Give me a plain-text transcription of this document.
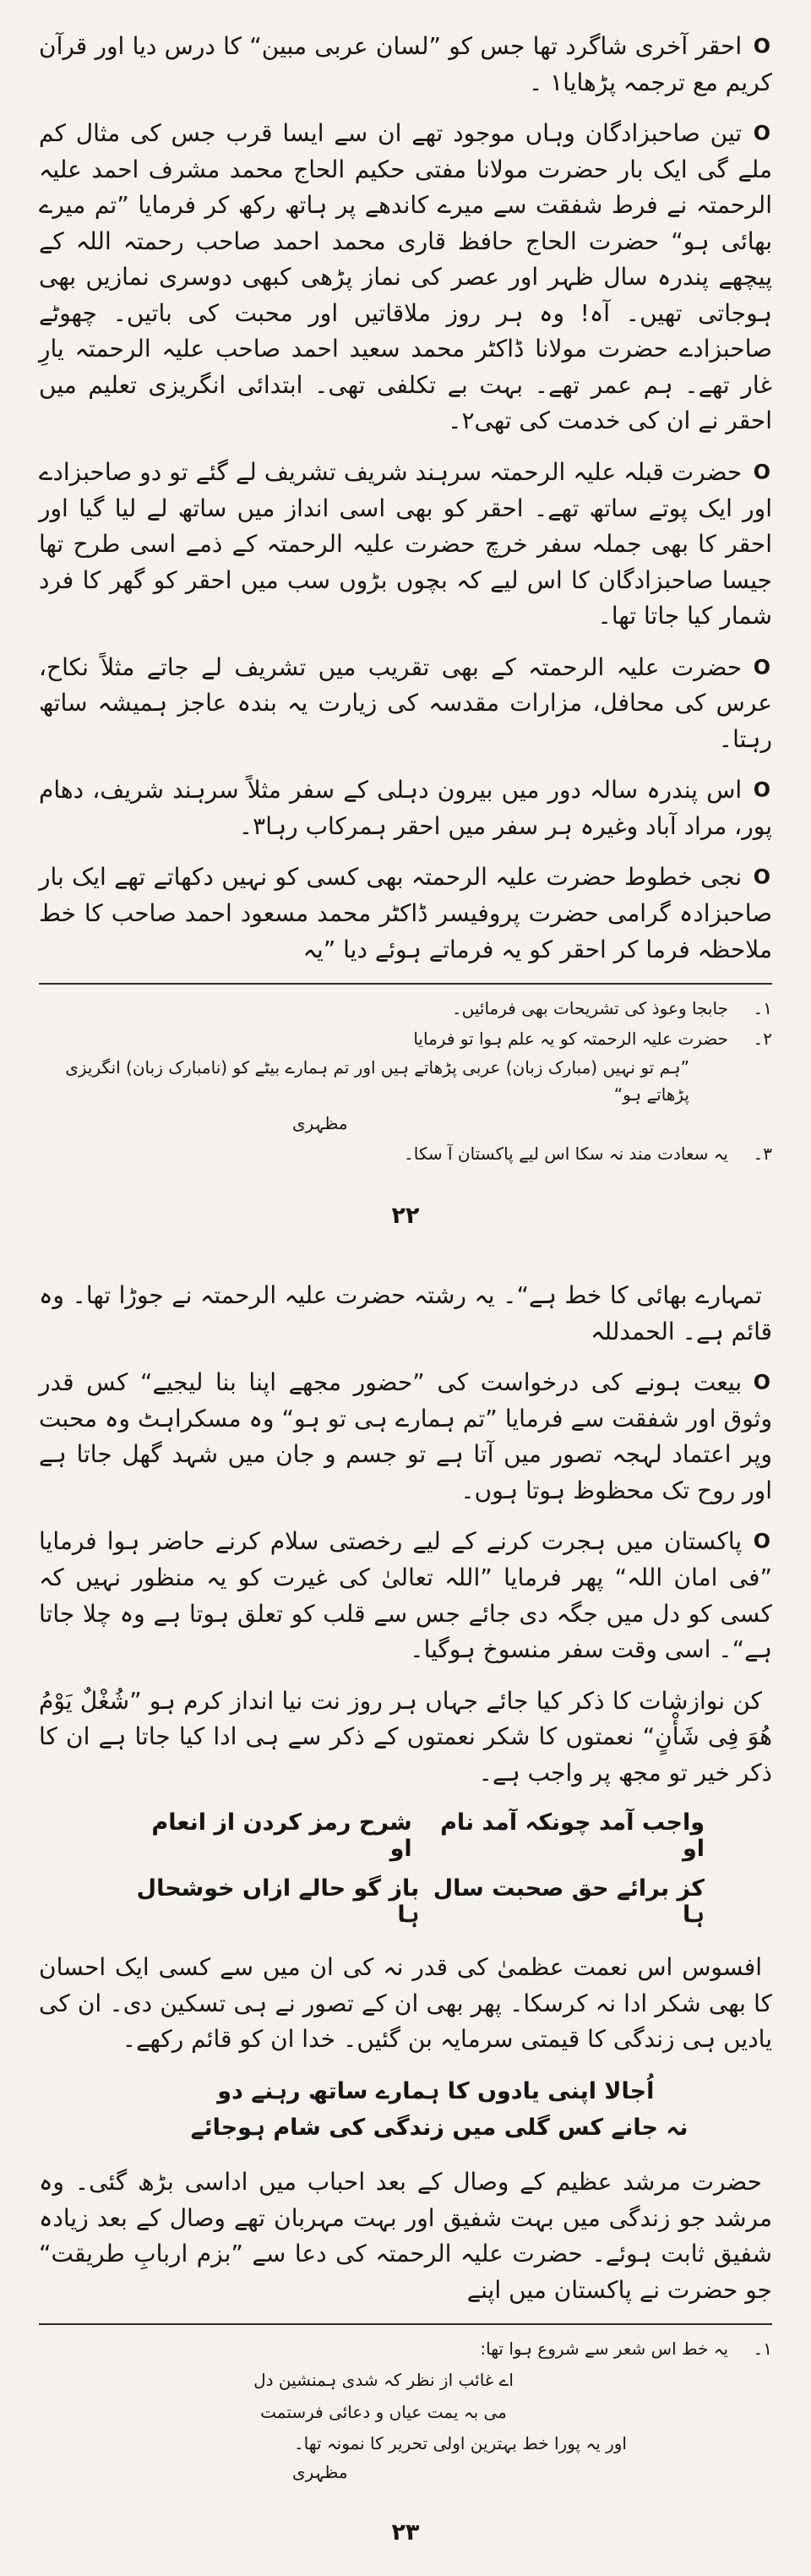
Oاحقر آخری شاگرد تھا جس کو ”لسان عربی مبین“ کا درس دیا اور قرآن کریم مع ترجمہ پڑھایا۱ ۔

Oتین صاحبزادگان وہاں موجود تھے ان سے ایسا قرب جس کی مثال کم ملے گی ایک بار حضرت مولانا مفتی حکیم الحاج محمد مشرف احمد علیہ الرحمتہ نے فرط شفقت سے میرے کاندھے پر ہاتھ رکھ کر فرمایا ”تم میرے بھائی ہو“ حضرت الحاج حافظ قاری محمد احمد صاحب رحمتہ اللہ کے پیچھے پندرہ سال ظہر اور عصر کی نماز پڑھی کبھی دوسری نمازیں بھی ہوجاتی تھیں۔ آہ! وہ ہر روز ملاقاتیں اور محبت کی باتیں۔ چھوٹے صاحبزادے حضرت مولانا ڈاکٹر محمد سعید احمد صاحب علیہ الرحمتہ یارِ غار تھے۔ ہم عمر تھے۔ بہت بے تکلفی تھی۔ ابتدائی انگریزی تعلیم میں احقر نے ان کی خدمت کی تھی۲۔

Oحضرت قبلہ علیہ الرحمتہ سرہند شریف تشریف لے گئے تو دو صاحبزادے اور ایک پوتے ساتھ تھے۔ احقر کو بھی اسی انداز میں ساتھ لے لیا گیا اور احقر کا بھی جملہ سفر خرچ حضرت علیہ الرحمتہ کے ذمے اسی طرح تھا جیسا صاحبزادگان کا اس لیے کہ بچوں بڑوں سب میں احقر کو گھر کا فرد شمار کیا جاتا تھا۔

Oحضرت علیہ الرحمتہ کے بھی تقریب میں تشریف لے جاتے مثلاً نکاح، عرس کی محافل، مزارات مقدسہ کی زیارت یہ بندہ عاجز ہمیشہ ساتھ رہتا۔

Oاس پندرہ سالہ دور میں بیرون دہلی کے سفر مثلاً سرہند شریف، دھام پور، مراد آباد وغیرہ ہر سفر میں احقر ہمرکاب رہا۳۔

Oنجی خطوط حضرت علیہ الرحمتہ بھی کسی کو نہیں دکھاتے تھے ایک بار صاحبزادہ گرامی حضرت پروفیسر ڈاکٹر محمد مسعود احمد صاحب کا خط ملاحظہ فرما کر احقر کو یہ فرماتے ہوئے دیا ”یہ

۱۔
جابجا وعوذ کی تشریحات بھی فرمائیں۔
۲۔
حضرت علیہ الرحمتہ کو یہ علم ہوا تو فرمایا
”ہم تو نہیں (مبارک زبان) عربی پڑھاتے ہیں اور تم ہمارے بیٹے کو (نامبارک زبان) انگریزی پڑھاتے ہو“
مظہری
۳۔
یہ سعادت مند نہ سکا اس لیے پاکستان آ سکا۔
۲۲

تمہارے بھائی کا خط ہے“۔ یہ رشتہ حضرت علیہ الرحمتہ نے جوڑا تھا۔ وہ قائم ہے۔ الحمدللہ

Oبیعت ہونے کی درخواست کی ”حضور مجھے اپنا بنا لیجیے“ کس قدر وثوق اور شفقت سے فرمایا ”تم ہمارے ہی تو ہو“ وہ مسکراہٹ وہ محبت وپر اعتماد لہجہ تصور میں آتا ہے تو جسم و جان میں شہد گھل جاتا ہے اور روح تک محظوظ ہوتا ہوں۔

Oپاکستان میں ہجرت کرنے کے لیے رخصتی سلام کرنے حاضر ہوا فرمایا ”فی امان اللہ“ پھر فرمایا ”اللہ تعالیٰ کی غیرت کو یہ منظور نہیں کہ کسی کو دل میں جگہ دی جائے جس سے قلب کو تعلق ہوتا ہے وہ چلا جاتا ہے“۔ اسی وقت سفر منسوخ ہوگیا۔

کن نوازشات کا ذکر کیا جائے جہاں ہر روز نت نیا انداز کرم ہو ”شُغْلٌ یَوْمُ ھُوَ فِی شَأْنٍ“ نعمتوں کا شکر نعمتوں کے ذکر سے ہی ادا کیا جاتا ہے ان کا ذکر خیر تو مجھ پر واجب ہے۔

واجب آمد چونکہ آمد نام او
شرح رمز کردن از انعام او
کز برائے حق صحبت سال ہا
باز گو حالے ازاں خوشحال ہا

افسوس اس نعمت عظمیٰ کی قدر نہ کی ان میں سے کسی ایک احسان کا بھی شکر ادا نہ کرسکا۔ پھر بھی ان کے تصور نے ہی تسکین دی۔ ان کی یادیں ہی زندگی کا قیمتی سرمایہ بن گئیں۔ خدا ان کو قائم رکھے۔

اُجالا اپنی یادوں کا ہمارے ساتھ رہنے دو
نہ جانے کس گلی میں زندگی کی شام ہوجائے

حضرت مرشد عظیم کے وصال کے بعد احباب میں اداسی بڑھ گئی۔ وہ مرشد جو زندگی میں بہت شفیق اور بہت مہربان تھے وصال کے بعد زیادہ شفیق ثابت ہوئے۔ حضرت علیہ الرحمتہ کی دعا سے ”بزم اربابِ طریقت“ جو حضرت نے پاکستان میں اپنے

۱۔
یہ خط اس شعر سے شروع ہوا تھا:
اے غائب از نظر کہ شدی ہمنشین دل
می بہ یمت عیاں و دعائی فرستمت
اور یہ پورا خط بہترین اولی تحریر کا نمونہ تھا۔
مظہری
۲۳
